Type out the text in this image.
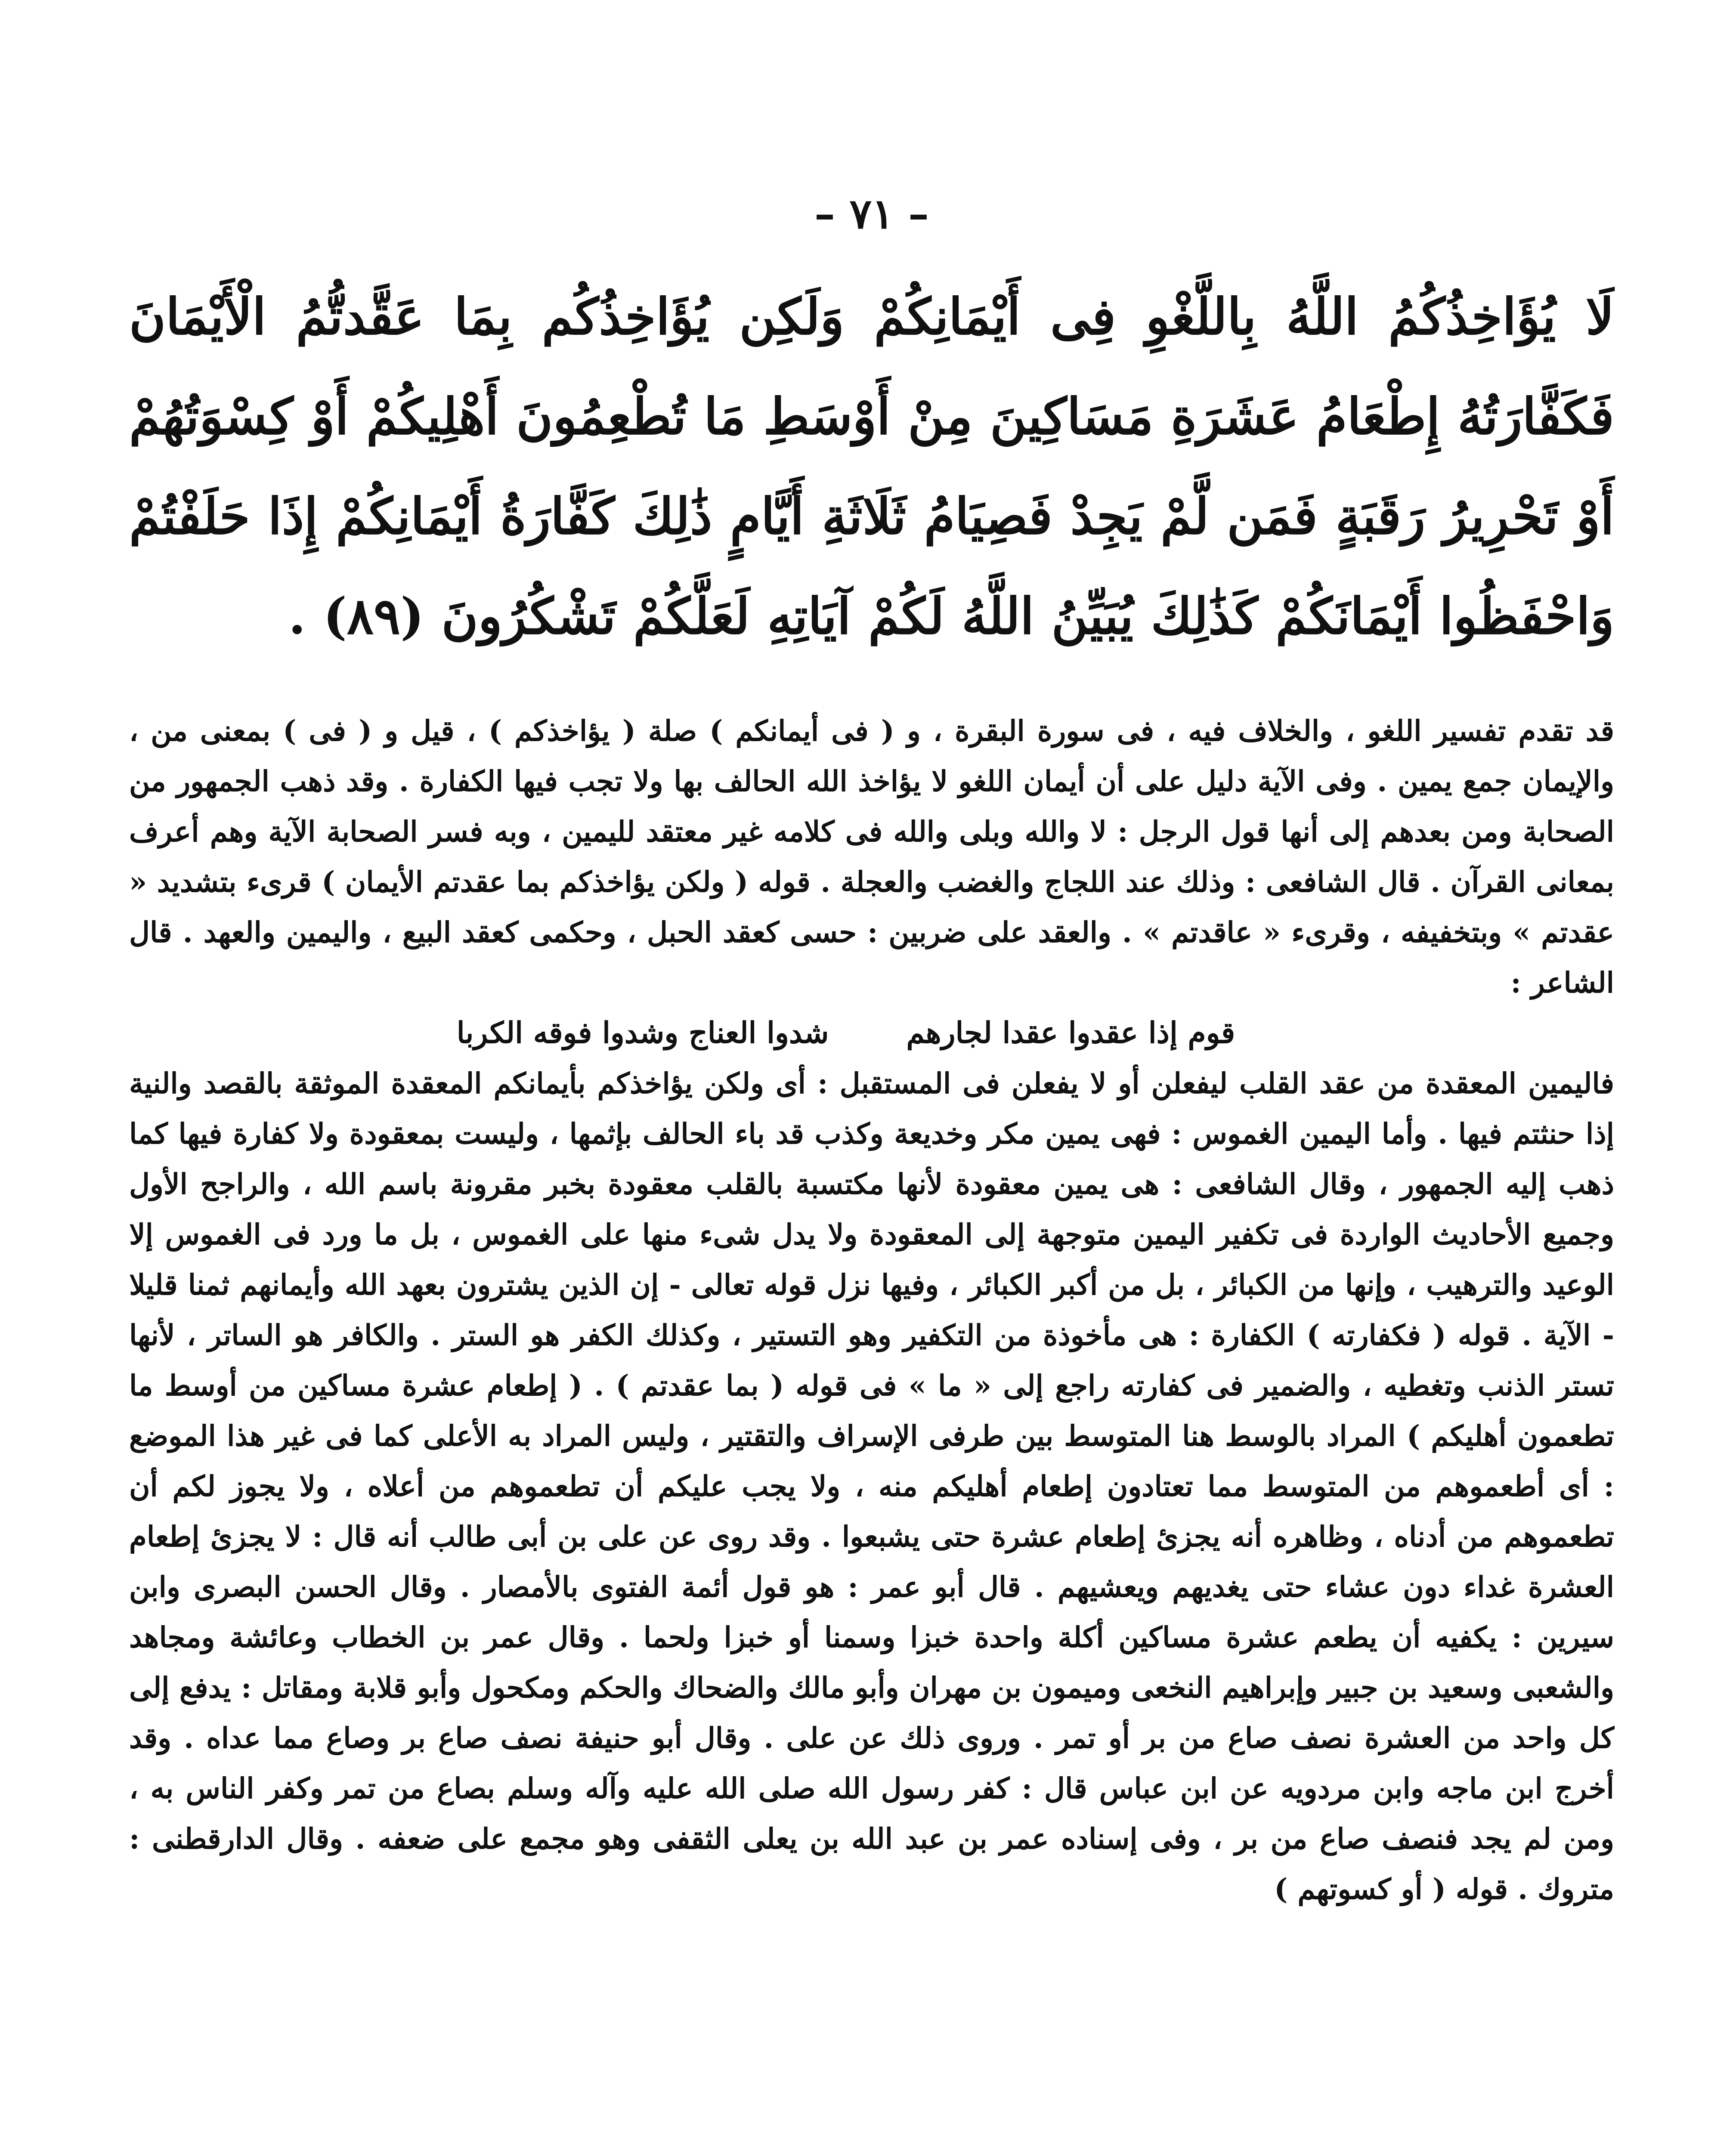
– ٧١ –
لَا يُؤَاخِذُكُمُ اللَّهُ بِاللَّغْوِ فِى أَيْمَانِكُمْ وَلَكِن يُؤَاخِذُكُم بِمَا عَقَّدتُّمُ الْأَيْمَانَ فَكَفَّارَتُهُ إِطْعَامُ عَشَرَةِ مَسَاكِينَ مِنْ أَوْسَطِ مَا تُطْعِمُونَ أَهْلِيكُمْ أَوْ كِسْوَتُهُمْ أَوْ تَحْرِيرُ رَقَبَةٍ فَمَن لَّمْ يَجِدْ فَصِيَامُ ثَلَاثَةِ أَيَّامٍ ذَٰلِكَ كَفَّارَةُ أَيْمَانِكُمْ إِذَا حَلَفْتُمْ وَاحْفَظُوا أَيْمَانَكُمْ كَذَٰلِكَ يُبَيِّنُ اللَّهُ لَكُمْ آيَاتِهِ لَعَلَّكُمْ تَشْكُرُونَ (٨٩) .

قد تقدم تفسير اللغو ، والخلاف فيه ، فى سورة البقرة ، و ( فى أيمانكم ) صلة ( يؤاخذكم ) ، قيل و ( فى ) بمعنى من ، والإيمان جمع يمين . وفى الآية دليل على أن أيمان اللغو لا يؤاخذ الله الحالف بها ولا تجب فيها الكفارة . وقد ذهب الجمهور من الصحابة ومن بعدهم إلى أنها قول الرجل : لا والله وبلى والله فى كلامه غير معتقد لليمين ، وبه فسر الصحابة الآية وهم أعرف بمعانى القرآن . قال الشافعى : وذلك عند اللجاج والغضب والعجلة . قوله ( ولكن يؤاخذكم بما عقدتم الأيمان ) قرىء بتشديد « عقدتم » وبتخفيفه ، وقرىء « عاقدتم » . والعقد على ضربين : حسى كعقد الحبل ، وحكمى كعقد البيع ، واليمين والعهد . قال الشاعر :

قوم إذا عقدوا عقدا لجارهم
شدوا العناج وشدوا فوقه الكربا

فاليمين المعقدة من عقد القلب ليفعلن أو لا يفعلن فى المستقبل : أى ولكن يؤاخذكم بأيمانكم المعقدة الموثقة بالقصد والنية إذا حنثتم فيها . وأما اليمين الغموس : فهى يمين مكر وخديعة وكذب قد باء الحالف بإثمها ، وليست بمعقودة ولا كفارة فيها كما ذهب إليه الجمهور ، وقال الشافعى : هى يمين معقودة لأنها مكتسبة بالقلب معقودة بخبر مقرونة باسم الله ، والراجح الأول وجميع الأحاديث الواردة فى تكفير اليمين متوجهة إلى المعقودة ولا يدل شىء منها على الغموس ، بل ما ورد فى الغموس إلا الوعيد والترهيب ، وإنها من الكبائر ، بل من أكبر الكبائر ، وفيها نزل قوله تعالى - إن الذين يشترون بعهد الله وأيمانهم ثمنا قليلا - الآية . قوله ( فكفارته ) الكفارة : هى مأخوذة من التكفير وهو التستير ، وكذلك الكفر هو الستر . والكافر هو الساتر ، لأنها تستر الذنب وتغطيه ، والضمير فى كفارته راجع إلى « ما » فى قوله ( بما عقدتم ) . ( إطعام عشرة مساكين من أوسط ما تطعمون أهليكم ) المراد بالوسط هنا المتوسط بين طرفى الإسراف والتقتير ، وليس المراد به الأعلى كما فى غير هذا الموضع : أى أطعموهم من المتوسط مما تعتادون إطعام أهليكم منه ، ولا يجب عليكم أن تطعموهم من أعلاه ، ولا يجوز لكم أن تطعموهم من أدناه ، وظاهره أنه يجزئ إطعام عشرة حتى يشبعوا . وقد روى عن على بن أبى طالب أنه قال : لا يجزئ إطعام العشرة غداء دون عشاء حتى يغديهم ويعشيهم . قال أبو عمر : هو قول أئمة الفتوى بالأمصار . وقال الحسن البصرى وابن سيرين : يكفيه أن يطعم عشرة مساكين أكلة واحدة خبزا وسمنا أو خبزا ولحما . وقال عمر بن الخطاب وعائشة ومجاهد والشعبى وسعيد بن جبير وإبراهيم النخعى وميمون بن مهران وأبو مالك والضحاك والحكم ومكحول وأبو قلابة ومقاتل : يدفع إلى كل واحد من العشرة نصف صاع من بر أو تمر . وروى ذلك عن على . وقال أبو حنيفة نصف صاع بر وصاع مما عداه . وقد أخرج ابن ماجه وابن مردويه عن ابن عباس قال : كفر رسول الله صلى الله عليه وآله وسلم بصاع من تمر وكفر الناس به ، ومن لم يجد فنصف صاع من بر ، وفى إسناده عمر بن عبد الله بن يعلى الثقفى وهو مجمع على ضعفه . وقال الدارقطنى : متروك . قوله ( أو كسوتهم )
